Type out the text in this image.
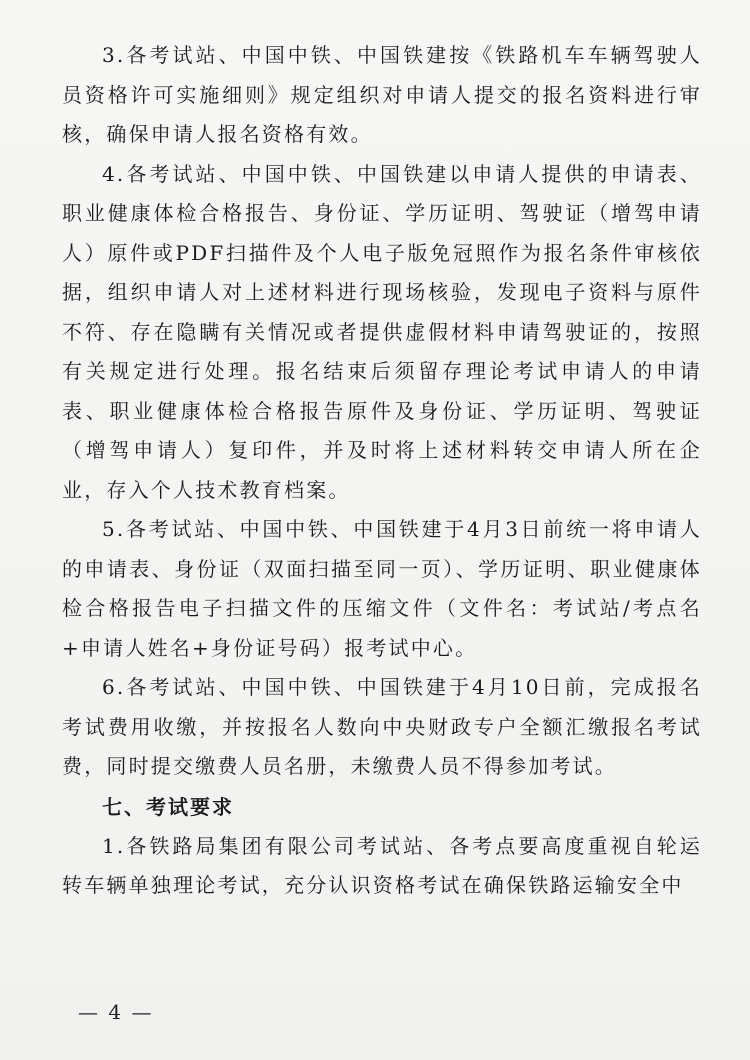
3.各考试站、中国中铁、中国铁建按《铁路机车车辆驾驶人员资格许可实施细则》规定组织对申请人提交的报名资料进行审核，确保申请人报名资格有效。

4.各考试站、中国中铁、中国铁建以申请人提供的申请表、职业健康体检合格报告、身份证、学历证明、驾驶证（增驾申请人）原件或PDF扫描件及个人电子版免冠照作为报名条件审核依据，组织申请人对上述材料进行现场核验，发现电子资料与原件不符、存在隐瞒有关情况或者提供虚假材料申请驾驶证的，按照有关规定进行处理。报名结束后须留存理论考试申请人的申请表、职业健康体检合格报告原件及身份证、学历证明、驾驶证（增驾申请人）复印件，并及时将上述材料转交申请人所在企业，存入个人技术教育档案。

5.各考试站、中国中铁、中国铁建于4月3日前统一将申请人的申请表、身份证（双面扫描至同一页）、学历证明、职业健康体检合格报告电子扫描文件的压缩文件（文件名：考试站/考点名+申请人姓名+身份证号码）报考试中心。

6.各考试站、中国中铁、中国铁建于4月10日前，完成报名考试费用收缴，并按报名人数向中央财政专户全额汇缴报名考试费，同时提交缴费人员名册，未缴费人员不得参加考试。

七、考试要求

1.各铁路局集团有限公司考试站、各考点要高度重视自轮运转车辆单独理论考试，充分认识资格考试在确保铁路运输安全中

— 4 —
